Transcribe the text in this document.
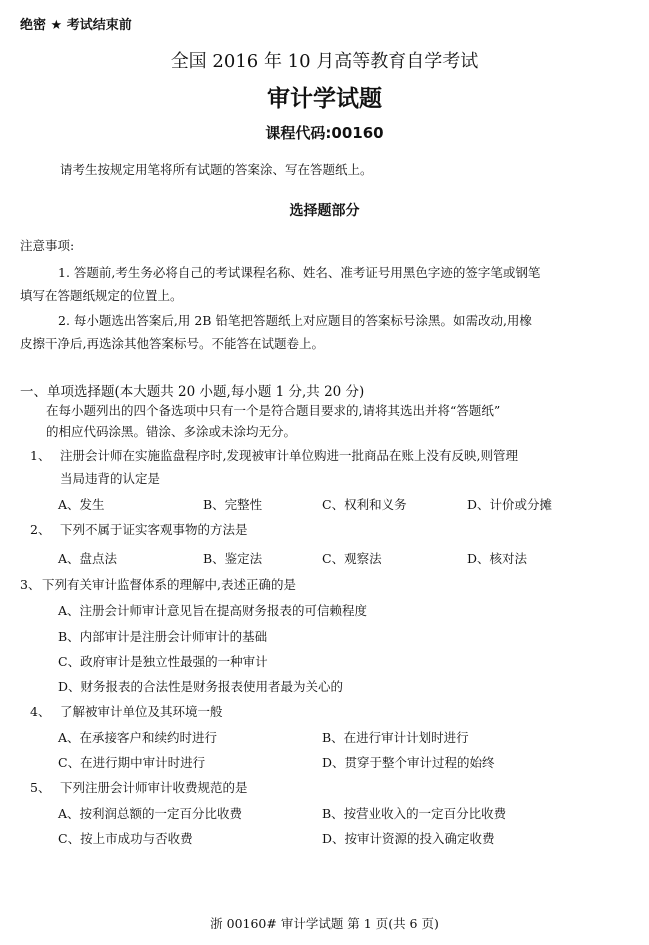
绝密 ★ 考试结束前
全国 2016 年 10 月高等教育自学考试
审计学试题
课程代码:00160
请考生按规定用笔将所有试题的答案涂、写在答题纸上。
选择题部分
注意事项:
1. 答题前,考生务必将自己的考试课程名称、姓名、准考证号用黑色字迹的签字笔或钢笔
填写在答题纸规定的位置上。
2. 每小题选出答案后,用 2B 铅笔把答题纸上对应题目的答案标号涂黑。如需改动,用橡
皮擦干净后,再选涂其他答案标号。不能答在试题卷上。
一、单项选择题(本大题共 20 小题,每小题 1 分,共 20 分)
在每小题列出的四个备选项中只有一个是符合题目要求的,请将其选出并将“答题纸”
的相应代码涂黑。错涂、多涂或未涂均无分。
1、 注册会计师在实施监盘程序时,发现被审计单位购进一批商品在账上没有反映,则管理
当局违背的认定是
A、发生	B、完整性	C、权利和义务	D、计价或分摊
2、 下列不属于证实客观事物的方法是
A、盘点法	B、鉴定法	C、观察法	D、核对法
3、 下列有关审计监督体系的理解中,表述正确的是
A、注册会计师审计意见旨在提高财务报表的可信赖程度
B、内部审计是注册会计师审计的基础
C、政府审计是独立性最强的一种审计
D、财务报表的合法性是财务报表使用者最为关心的
4、 了解被审计单位及其环境一般
A、在承接客户和续约时进行	B、在进行审计计划时进行
C、在进行期中审计时进行	D、贯穿于整个审计过程的始终
5、 下列注册会计师审计收费规范的是
A、按利润总额的一定百分比收费	B、按营业收入的一定百分比收费
C、按上市成功与否收费	D、按审计资源的投入确定收费
浙 00160# 审计学试题 第 1 页(共 6 页)
